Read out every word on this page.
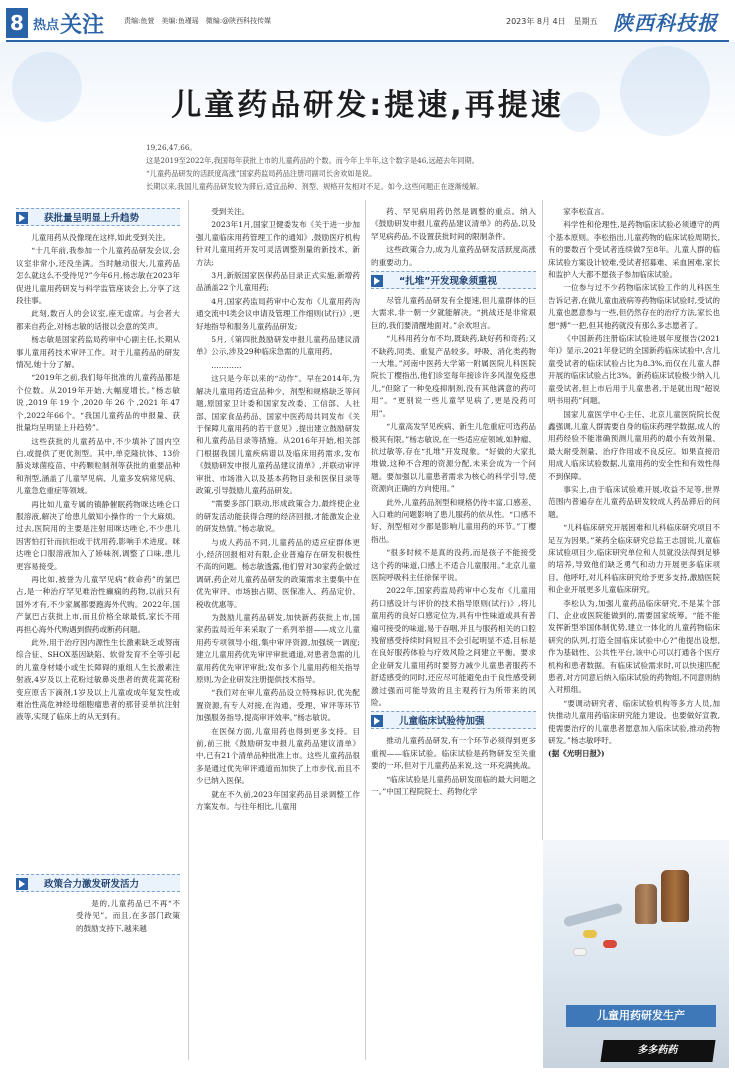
8 热点 关注	责编:鱼萱　美编:鱼瑾瑶　微编:@陕西科技传媒	2023年 8月 4日　星期五 陕西科技报
儿童药品研发:提速,再提速

19,26,47,66。

这是2019至2022年,我国每年获批上市的儿童药品的个数。而今年上半年,这个数字是46,远超去年同期。

“儿童药品研发的活跃度高涨”国家药监局药品注册司副司长舍欢如是说。

长期以来,我国儿童药品研发较为滞后,适宜品种、剂型、规格开发相对不足。如今,这些问题正在逐渐缓解。

获批量呈明显上升趋势

儿童用药从没像现在这样,如此受到关注。

“十几年前,我参加一个儿童药品研发会议,会议室非常小,还没坐满。当时触动很大,儿童药品怎么就这么不受待见?”今年6月,杨志敏在2023年促进儿童用药研发与科学监管座谈会上,分享了这段往事。

此刻,数百人的会议室,座无虚席。与会者大都来自药企,对杨志敏的话报以会意的笑声。

杨志敏是国家药监局药审中心副主任,长期从事儿童用药技术审评工作。对于儿童药品的研发情况,她十分了解。

“2019年之前,我们每年批准的儿童药品都是个位数。从2019年开始,大幅度增长。”杨志敏说,2019年19个,2020年26个,2021年47个,2022年66个。“我国儿童药品的申报量、获批量均呈明显上升趋势”。

这些获批的儿童药品中,不少填补了国内空白,或提供了更优剂型。其中,单克隆抗体、13价肺炎球菌疫苗、中药颗粒制剂等获批的重要品种和剂型,涵盖了儿童罕见病、儿童多发病常见病、儿童急危重症等领域。

再比如儿童专属的镇静催眠药物咪达唑仑口服溶液,解决了给患儿做知小操作的一个大麻烦。过去,医院用的主要是注射用咪达唑仑,不少患儿因害怕打针而抗拒或干扰用药,影响手术进度。咪达唑仑口服溶液加入了矫味剂,调整了口味,患儿更容易接受。

再比如,被誉为儿童罕见病“救命药”的氯巴占,是一种治疗罕见难治性癫痫的药物,以前只有国外才有,不少家属都要跑海外代购。2022年,国产氯巴占获批上市,而且价格全球最低,家长不用再担心海外代购遇到假药或断药问题。

此外,用于治疗因内源性生长激素缺乏或努南综合征、SHOX基因缺陷、软骨发育不全等引起的儿童身材矮小或生长障碍的重组人生长激素注射液,4岁及以上花粉过敏鼻炎患者的黄花蒿花粉变应原舌下滴剂,1岁及以上儿童或成年复发性或难治性高危神经母细胞瘤患者的那昔妥单抗注射液等,实现了临床上的从无到有。

政策合力激发研发活力

是的,儿童药品已不再“不受待见”。而且,在多部门政策的鼓励支持下,越来越

受到关注。

2023年1月,国家卫健委发布《关于进一步加强儿童临床用药管理工作的通知》,鼓励医疗机构针对儿童用药开发可灵活调整剂量的新技术、新方法;

3月,新版国家医保药品目录正式实施,新增药品涵盖22个儿童用药;

4月,国家药监局药审中心发布《儿童用药沟通交流中Ⅰ类会议申请及管理工作细则(试行)》,更好地指导和服务儿童药品研发;

5月,《第四批鼓励研发申报儿童药品建议清单》公示,涉及29种临床急需的儿童用药。

…………

这只是今年以来的“动作”。早在2014年,为解决儿童用药适宜品种少、剂型和规格缺乏等问题,原国家卫计委和国家发改委、工信部、人社部、国家食品药品、国家中医药局共同发布《关于保障儿童用药的若干意见》,提出建立鼓励研发和儿童药品目录等措施。从2016年开始,相关部门根据我国儿童疾病谱以及临床用药需求,发布《鼓励研发申报儿童药品建议清单》,并联动审评审批、市场准入以及基本药物目录和医保目录等政策,引导鼓励儿童药品研发。

“需要多部门联动,形成政策合力,最终使企业的研发活动能获得合理的经济回报,才能激发企业的研发热情。”杨志敏说。

与成人药品不同,儿童药品的适应症群体更小,经济回报相对有限,企业普遍存在研发积极性不高的问题。杨志敏透露,他们曾对30家药企做过调研,药企对儿童药品研发的政策需求主要集中在优先审评、市场独占期、医保准入、药品定价、税收优惠等。

为鼓励儿童药品研发,加快新药获批上市,国家药监局近年来采取了一系列举措——成立儿童用药专项领导小组,集中审评资源,加强统一调度;建立儿童用药优先审评审批通道,对患者急需的儿童用药优先审评审批;发布多个儿童用药相关指导原则,为企业研发注册提供技术指导。

“我们对在审儿童药品设立特殊标识,优先配置资源,有专人对接,在沟通、受理、审评等环节加强服务指导,提高审评效率。”杨志敏说。

在医保方面,儿童用药也得到更多支持。目前,前三批《鼓励研发申报儿童药品建议清单》中,已有21个清单品种批准上市。这些儿童药品很多是通过优先审评通道而加快了上市步伐,而且不少已纳入医保。

就在不久前,2023年国家药品目录调整工作方案发布。与往年相比,儿童用

药、罕见病用药仍然是调整的重点。纳入《鼓励研发申报儿童药品建议清单》的药品,以及罕见病药品,不设置获批时间的限制条件。

这些政策合力,成为儿童药品研发活跃度高涨的重要动力。

“扎堆”开发现象须重视

尽管儿童药品研发有全提速,但儿童群体的巨大需求,非一朝一夕就能解决。“挑战还是非常艰巨的,我们要清醒地面对。”佘欢坦言。

“儿科用药分布不均,既缺药,缺好药和奇药;又不缺药,同类、重复产品较多。呼吸、消化类药物一大堆。”河南中医药大学第一附属医院儿科医院院长丁樱指出,他们诊室每年接诊许多风湿免疫患儿,“但除了一种免疫抑制剂,没有其他满意的药可用”。“更别说一些儿童罕见病了,更是没药可用”。

“儿童高发罕见疾病、新生儿危重症可选药品极其有限。”杨志敏说,在一些适应症领域,如肿瘤、抗过敏等,存在“扎堆”开发现象。“好做的大家扎堆做,这种不合理的资源分配,未来会成为一个问题。要加强以儿童患者需求为核心的科学引导,使资源向正确的方向使用。”

此外,儿童药品剂型和规格仍待丰富,口感差、入口难的问题影响了患儿服药的依从性。“口感不好、剂型相对少都是影响儿童用药的环节。”丁樱指出。

“很多时候不是真的没药,而是孩子不能接受这个药的味道,口感上不适合儿童服用。”北京儿童医院呼吸科主任徐保平说。

2022年,国家药监局药审中心发布《儿童用药口感设计与评价的技术指导原则(试行)》,将儿童用药的良好口感定位为,具有中性味道或具有普遍可接受的味道,易于吞咽,并且与服药相关的口腔残留感受持续时间短且不会引起明显不适,目标是在良好服药体验与疗效风险之间建立平衡。要求企业研发儿童用药时要努力减少儿童患者服药不舒适感受的同时,还应尽可能避免由于良性感受刺激过强而可能导致的且主观药行为所带来的风险。

儿童临床试验待加强

推动儿童药品研发,有一个环节必须得到更多重视——临床试验。临床试验是药物研发至关重要的一环,但对于儿童药品来说,这一环充满挑战。

“临床试验是儿童药品研发面临的最大问题之一。”中国工程院院士、药物化学

家李松直言。

科学性和伦理性,是药物临床试验必须遵守的两个基本原则。李松指出,儿童药物的临床试验周期长,有的要数百个受试者连续做7至8年。儿童人群的临床试验方案设计较难,受试者招募难、采血困难,家长和监护人大都不愿孩子参加临床试验。

一位参与过不少药物临床试验工作的儿科医生告诉记者,在做儿童血液病等药物临床试验时,受试的儿童也愿意参与一些,但仍然存在的治疗方法,家长也想“搏”一把,但其他药就没有那么多志愿者了。

《中国新药注册临床试验进展年度报告(2021年)》显示,2021年登记的全国新药临床试验中,含儿童受试者的临床试验占比为8.3%,而仅在儿童人群开展的临床试验占比3%。新药临床试验极少纳入儿童受试者,但上市后用于儿童患者,于是就出现“超说明书用药”问题。

国家儿童医学中心主任、北京儿童医院院长倪鑫强调,儿童人群需要自身的临床药理学数据,成人的用药经验不能准确预测儿童用药的最小有效剂量、最大耐受剂量、治疗作用或不良反应。如果直接沿用成人临床试验数据,儿童用药的安全性和有效性得不到保障。

事实上,由于临床试验难开展,收益不足等,世界范围内普遍存在儿童药品研发较成人药品滞后的问题。

“儿科临床研究开展困难和儿科临床研究项目不足互为因果。”莱药全临床研究总监王志国说,儿童临床试验项目少,临床研究单位和人员就没法得到足够的培养,导致他们缺乏勇气和动力开展更多临床项目。他呼吁,对儿科临床研究给予更多支持,激励医院和企业开展更多儿童临床研究。

李松认为,加强儿童药品临床研究,不是某个部门、企业或医院能做到的,需要国家统筹。“能不能发挥新型举国体制优势,建立一体化的儿童药物临床研究的队列,打造全国临床试验中心?”他提出设想,作为基础性、公共性平台,该中心可以打通各个医疗机构和患者数据。有临床试验需求时,可以快速匹配患者,对方同意后纳入临床试验的药物组,不同意则纳入对照组。

“要调动研究者、临床试验机构等多方人员,加快推动儿童用药临床研究能力建设。也要做好宣教,使需要治疗的儿童患者愿意加入临床试验,推动药物研发。”杨志敏呼吁。

(据《光明日报》)

儿童用药研发生产
多多药药
